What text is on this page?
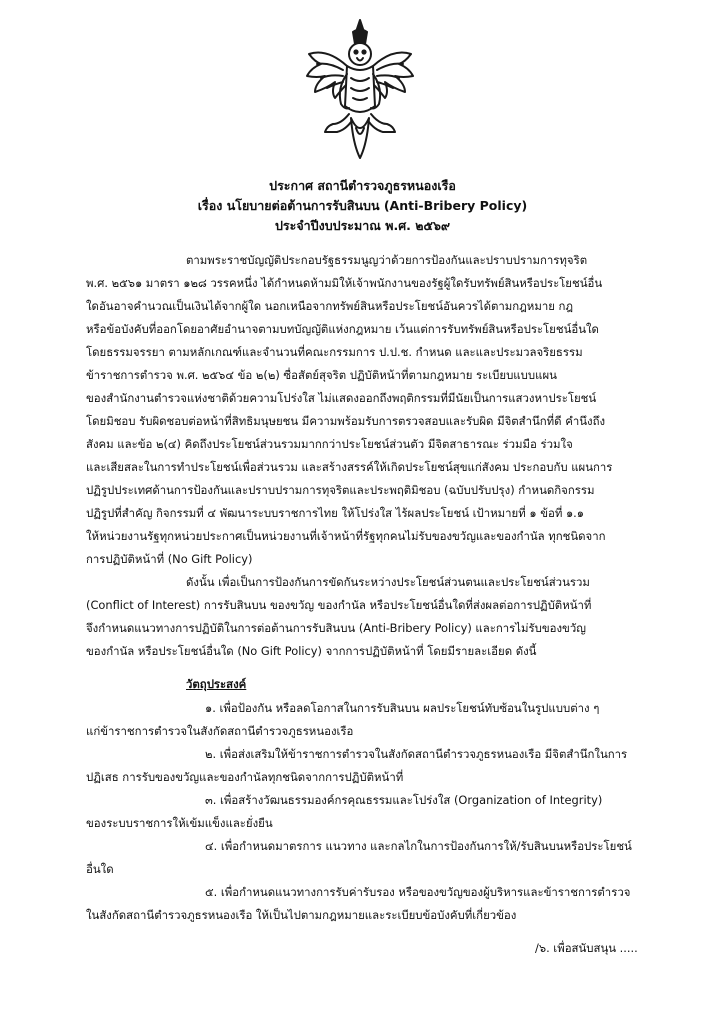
ประกาศ สถานีตำรวจภูธรหนองเรือ
เรื่อง นโยบายต่อต้านการรับสินบน (Anti-Bribery Policy)
ประจำปีงบประมาณ พ.ศ. ๒๕๖๙
ตามพระราชบัญญัติประกอบรัฐธรรมนูญว่าด้วยการป้องกันและปราบปรามการทุจริต
พ.ศ. ๒๕๖๑ มาตรา ๑๒๘ วรรคหนึ่ง ได้กำหนดห้ามมิให้เจ้าพนักงานของรัฐผู้ใดรับทรัพย์สินหรือประโยชน์อื่น
ใดอันอาจคำนวณเป็นเงินได้จากผู้ใด นอกเหนือจากทรัพย์สินหรือประโยชน์อันควรได้ตามกฎหมาย กฎ
หรือข้อบังคับที่ออกโดยอาศัยอำนาจตามบทบัญญัติแห่งกฎหมาย เว้นแต่การรับทรัพย์สินหรือประโยชน์อื่นใด
โดยธรรมจรรยา ตามหลักเกณฑ์และจำนวนที่คณะกรรมการ ป.ป.ช. กำหนด และและประมวลจริยธรรม
ข้าราชการตำรวจ พ.ศ. ๒๕๖๔ ข้อ ๒(๒) ซื่อสัตย์สุจริต ปฏิบัติหน้าที่ตามกฎหมาย ระเบียบแบบแผน
ของสำนักงานตำรวจแห่งชาติด้วยความโปร่งใส ไม่แสดงออกถึงพฤติกรรมที่มีนัยเป็นการแสวงหาประโยชน์
โดยมิชอบ รับผิดชอบต่อหน้าที่สิทธิมนุษยชน มีความพร้อมรับการตรวจสอบและรับผิด มีจิตสำนึกที่ดี คำนึงถึง
สังคม และข้อ ๒(๔) คิดถึงประโยชน์ส่วนรวมมากกว่าประโยชน์ส่วนตัว มีจิตสาธารณะ ร่วมมือ ร่วมใจ
และเสียสละในการทำประโยชน์เพื่อส่วนรวม และสร้างสรรค์ให้เกิดประโยชน์สุขแก่สังคม ประกอบกับ แผนการ
ปฏิรูปประเทศด้านการป้องกันและปราบปรามการทุจริตและประพฤติมิชอบ (ฉบับปรับปรุง) กำหนดกิจกรรม
ปฏิรูปที่สำคัญ กิจกรรมที่ ๔ พัฒนาระบบราชการไทย ให้โปร่งใส ไร้ผลประโยชน์ เป้าหมายที่ ๑ ข้อที่ ๑.๑
ให้หน่วยงานรัฐทุกหน่วยประกาศเป็นหน่วยงานที่เจ้าหน้าที่รัฐทุกคนไม่รับของขวัญและของกำนัล ทุกชนิดจาก
การปฏิบัติหน้าที่ (No Gift Policy)
ดังนั้น เพื่อเป็นการป้องกันการขัดกันระหว่างประโยชน์ส่วนตนและประโยชน์ส่วนรวม
(Conflict of Interest) การรับสินบน ของขวัญ ของกำนัล หรือประโยชน์อื่นใดที่ส่งผลต่อการปฏิบัติหน้าที่
จึงกำหนดแนวทางการปฏิบัติในการต่อต้านการรับสินบน (Anti-Bribery Policy) และการไม่รับของขวัญ
ของกำนัล หรือประโยชน์อื่นใด (No Gift Policy) จากการปฏิบัติหน้าที่ โดยมีรายละเอียด ดังนี้
วัตถุประสงค์
๑. เพื่อป้องกัน หรือลดโอกาสในการรับสินบน ผลประโยชน์ทับซ้อนในรูปแบบต่าง ๆ
แก่ข้าราชการตำรวจในสังกัดสถานีตำรวจภูธรหนองเรือ
๒. เพื่อส่งเสริมให้ข้าราชการตำรวจในสังกัดสถานีตำรวจภูธรหนองเรือ มีจิตสำนึกในการ
ปฏิเสธ การรับของขวัญและของกำนัลทุกชนิดจากการปฏิบัติหน้าที่
๓. เพื่อสร้างวัฒนธรรมองค์กรคุณธรรมและโปร่งใส (Organization of Integrity)
ของระบบราชการให้เข้มแข็งและยั่งยืน
๔. เพื่อกำหนดมาตรการ แนวทาง และกลไกในการป้องกันการให้/รับสินบนหรือประโยชน์
อื่นใด
๕. เพื่อกำหนดแนวทางการรับค่ารับรอง หรือของขวัญของผู้บริหารและข้าราชการตำรวจ
ในสังกัดสถานีตำรวจภูธรหนองเรือ ให้เป็นไปตามกฎหมายและระเบียบข้อบังคับที่เกี่ยวข้อง
/๖. เพื่อสนับสนุน .....
